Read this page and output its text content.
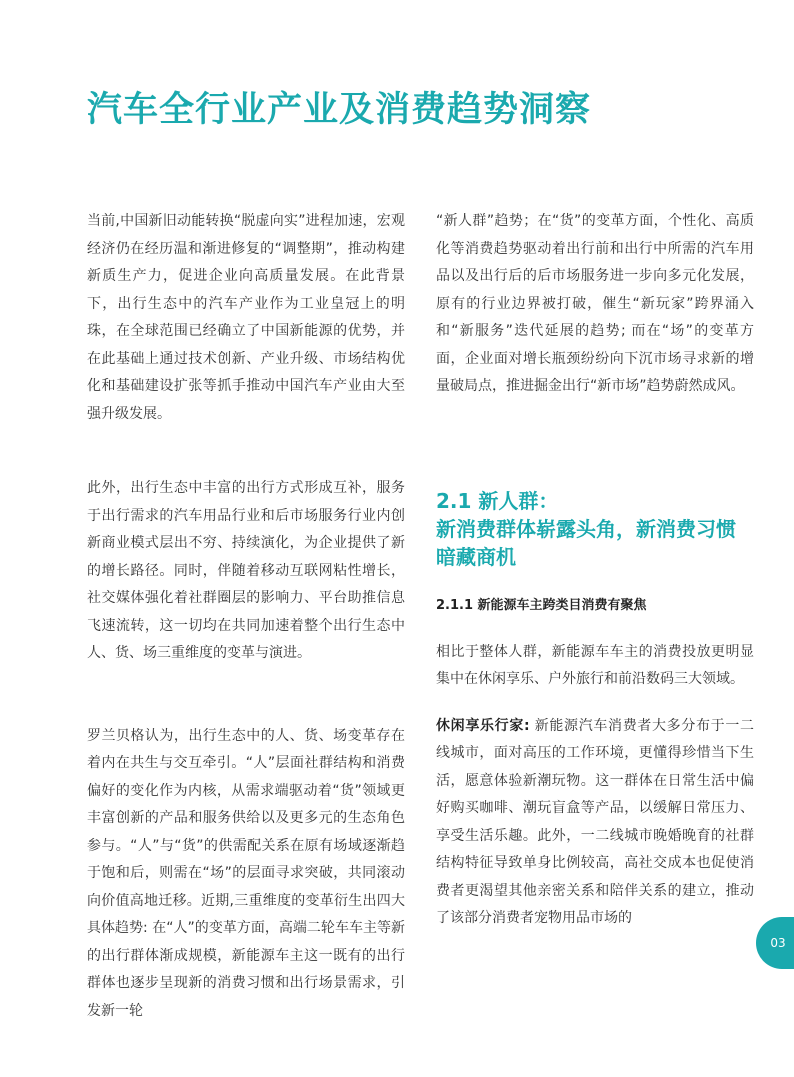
汽车全行业产业及消费趋势洞察

当前,中国新旧动能转换“脱虚向实”进程加速，宏观经济仍在经历温和渐进修复的“调整期”，推动构建新质生产力，促进企业向高质量发展。在此背景下，出行生态中的汽车产业作为工业皇冠上的明珠，在全球范围已经确立了中国新能源的优势，并在此基础上通过技术创新、产业升级、市场结构优化和基础建设扩张等抓手推动中国汽车产业由大至强升级发展。

此外，出行生态中丰富的出行方式形成互补，服务于出行需求的汽车用品行业和后市场服务行业内创新商业模式层出不穷、持续演化，为企业提供了新的增长路径。同时，伴随着移动互联网粘性增长，社交媒体强化着社群圈层的影响力、平台助推信息飞速流转，这一切均在共同加速着整个出行生态中人、货、场三重维度的变革与演进。

罗兰贝格认为，出行生态中的人、货、场变革存在着内在共生与交互牵引。“人”层面社群结构和消费偏好的变化作为内核，从需求端驱动着“货”领域更丰富创新的产品和服务供给以及更多元的生态角色参与。“人”与“货”的供需配关系在原有场域逐渐趋于饱和后，则需在“场”的层面寻求突破，共同滚动向价值高地迁移。近期,三重维度的变革衍生出四大具体趋势: 在“人”的变革方面，高端二轮车车主等新的出行群体渐成规模，新能源车主这一既有的出行群体也逐步呈现新的消费习惯和出行场景需求，引发新一轮

“新人群”趋势；在“货”的变革方面，个性化、高质化等消费趋势驱动着出行前和出行中所需的汽车用品以及出行后的后市场服务进一步向多元化发展，原有的行业边界被打破，催生“新玩家”跨界涌入和“新服务”迭代延展的趋势; 而在“场”的变革方面，企业面对增长瓶颈纷纷向下沉市场寻求新的增量破局点，推进掘金出行“新市场”趋势蔚然成风。

2.1 新人群：
新消费群体崭露头角，新消费习惯暗藏商机
2.1.1 新能源车主跨类目消费有聚焦

相比于整体人群，新能源车车主的消费投放更明显集中在休闲享乐、户外旅行和前沿数码三大领域。

休闲享乐行家: 新能源汽车消费者大多分布于一二线城市，面对高压的工作环境，更懂得珍惜当下生活，愿意体验新潮玩物。这一群体在日常生活中偏好购买咖啡、潮玩盲盒等产品，以缓解日常压力、享受生活乐趣。此外，一二线城市晚婚晚育的社群结构特征导致单身比例较高，高社交成本也促使消费者更渴望其他亲密关系和陪伴关系的建立，推动了该部分消费者宠物用品市场的

03
